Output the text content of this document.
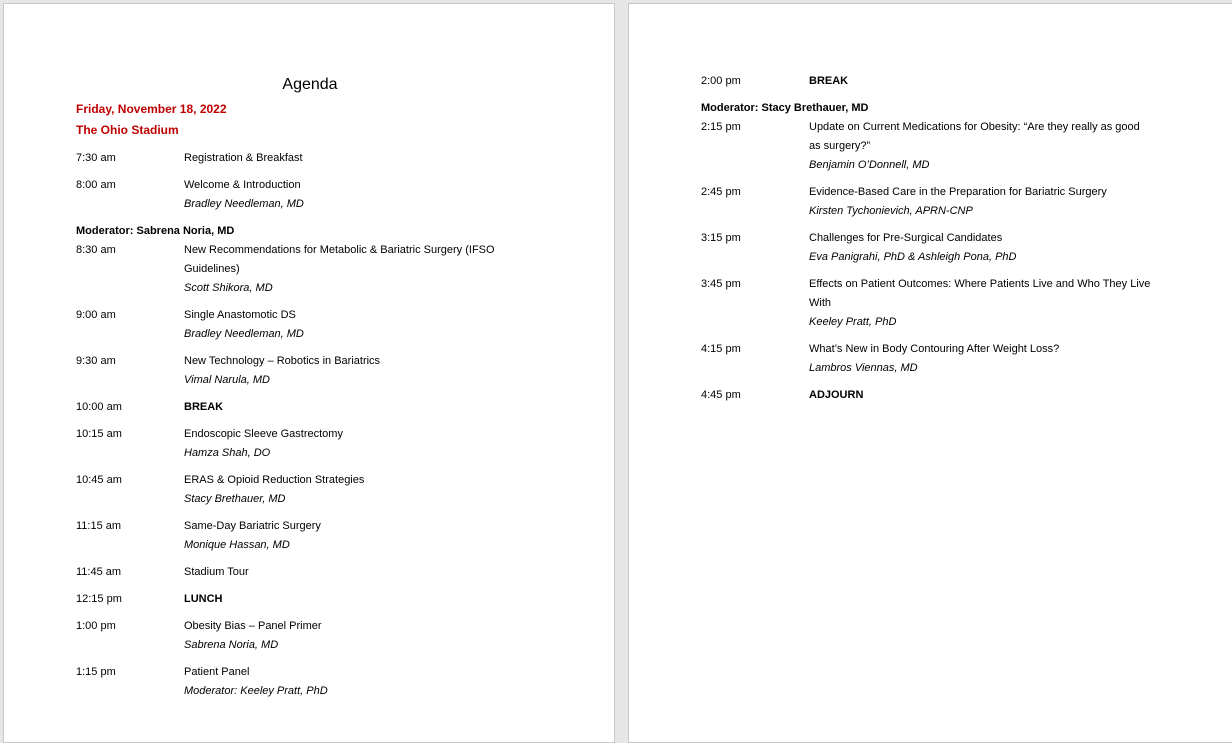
Agenda
Friday, November 18, 2022
The Ohio Stadium
7:30 am	Registration & Breakfast
8:00 am	Welcome & Introduction
Bradley Needleman, MD
Moderator: Sabrena Noria, MD
8:30 am	New Recommendations for Metabolic & Bariatric Surgery (IFSO Guidelines)
Scott Shikora, MD
9:00 am	Single Anastomotic DS
Bradley Needleman, MD
9:30 am	New Technology – Robotics in Bariatrics
Vimal Narula, MD
10:00 am	BREAK
10:15 am	Endoscopic Sleeve Gastrectomy
Hamza Shah, DO
10:45 am	ERAS & Opioid Reduction Strategies
Stacy Brethauer, MD
11:15 am	Same-Day Bariatric Surgery
Monique Hassan, MD
11:45 am	Stadium Tour
12:15 pm	LUNCH
1:00 pm	Obesity Bias – Panel Primer
Sabrena Noria, MD
1:15 pm	Patient Panel
Moderator: Keeley Pratt, PhD
2:00 pm	BREAK
Moderator: Stacy Brethauer, MD
2:15 pm	Update on Current Medications for Obesity: “Are they really as good as surgery?”
Benjamin O’Donnell, MD
2:45 pm	Evidence-Based Care in the Preparation for Bariatric Surgery
Kirsten Tychonievich, APRN-CNP
3:15 pm	Challenges for Pre-Surgical Candidates
Eva Panigrahi, PhD & Ashleigh Pona, PhD
3:45 pm	Effects on Patient Outcomes: Where Patients Live and Who They Live With
Keeley Pratt, PhD
4:15 pm	What’s New in Body Contouring After Weight Loss?
Lambros Viennas, MD
4:45 pm	ADJOURN
